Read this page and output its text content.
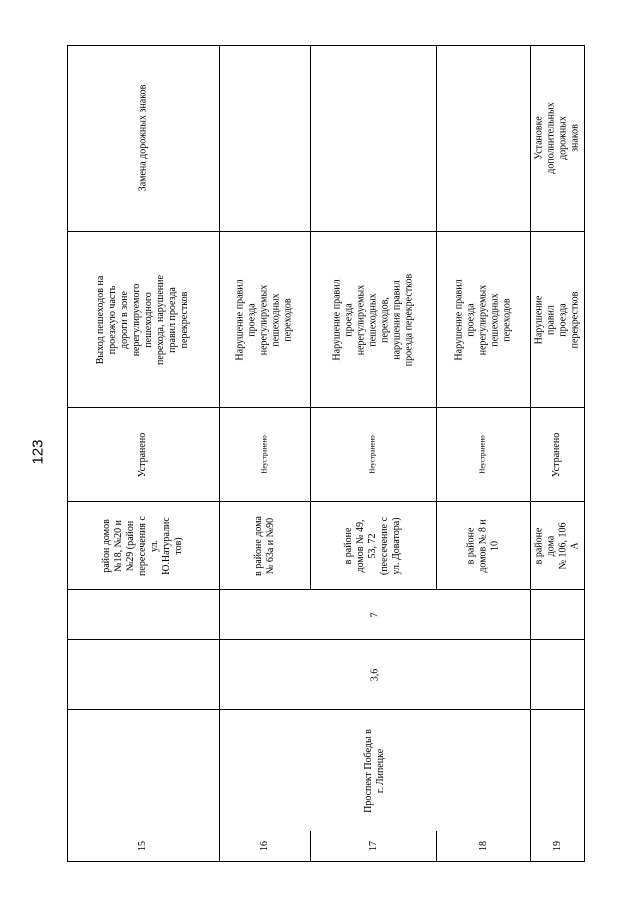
123
Замена дорожных знаков
Выход пешеходов на
проезжую часть
дороги в зоне
нерегулируемого
пешеходного
перехода, нарушение
правил проезда
перекрестков
Устранено
район домов
№18, №20 и
№29 (район
пересечения с
ул.
Ю.Натуралис
тов)
15
Нарушение правил
проезда
нерегулируемых
пешеходных
переходов
Неустранено
в районе дома
№ 63а и №90
16
Нарушение правил
проезда
нерегулируемых
пешеходных
переходов,
нарушения правил
проезда перекрестков
Неустранено
в районе
домов № 49,
53, 72
(пеесечение с
ул. Доватора)
7
3,6
Проспект Победы в
г. Липецке
17
Нарушение правил
проезда
нерегулируемых
пешеходных
переходов
Неустранено
в районе
домов № 8 и
10
18
Установке дополнительных дорожных
знаков
Нарушение правил
проезда перекрестков
Устранено
в районе дома
№ 106, 106 А
19
